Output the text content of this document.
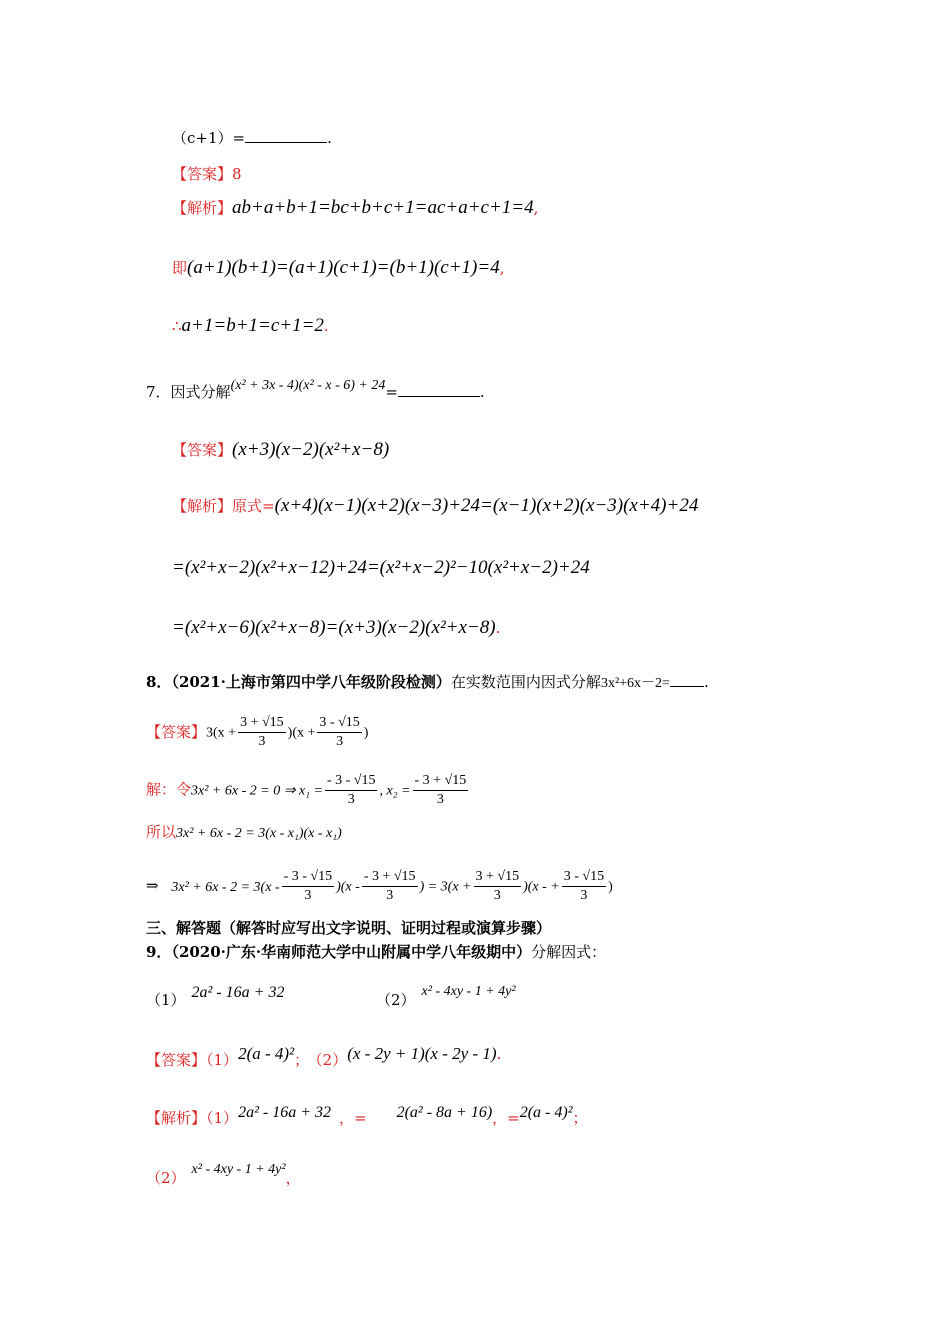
（c+1）=	.
【答案】8
【解析】ab+a+b+1=bc+b+c+1=ac+a+c+1=4,
即(a+1)(b+1)=(a+1)(c+1)=(b+1)(c+1)=4,
∴a+1=b+1=c+1=2.
7．因式分解(x² + 3x - 4)(x² - x - 6) + 24=	.
【答案】(x+3)(x−2)(x²+x−8)
【解析】原式=(x+4)(x−1)(x+2)(x−3)+24=(x−1)(x+2)(x−3)(x+4)+24
=(x²+x−2)(x²+x−12)+24=(x²+x−2)²−10(x²+x−2)+24
=(x²+x−6)(x²+x−8)=(x+3)(x−2)(x²+x−8).
8．（2021·上海市第四中学八年级阶段检测）在实数范围内因式分解3x²+6x－2= .
【答案】$3(x + \frac{3 + √15}{3} )(x + \frac{3 - √15}{3}$ )
解：令3x² + 6x - 2 = 0 ⇒ $x_1 = \frac{- 3 - √15}{3}$ , $x_2 = \frac{- 3 + √15}{3}$
所以3x² + 6x - 2 = 3(x - x₁)(x - x₁)
⇒ $3x^2 + 6x - 2 = 3(x - \frac{- 3 - √15}{3} )(x - \frac{- 3 + √15}{3}$ ) = $3(x + \frac{3 + √15}{3} )(x$ - + $\frac{3 - √15}{3}$ )
三、解答题（解答时应写出文字说明、证明过程或演算步骤）
9．（2020·广东·华南师范大学中山附属中学八年级期中）分解因式：
（1） 2a² - 16a + 32	（2） x² - 4xy - 1 + 4y²
【答案】（1）2(a - 4)²； （2）(x - 2y + 1)(x - 2y - 1).
【解析】（1）2a² - 16a + 32 ，= 2(a² - 8a + 16)，=2(a - 4)²；
（2） x² - 4xy - 1 + 4y²，
